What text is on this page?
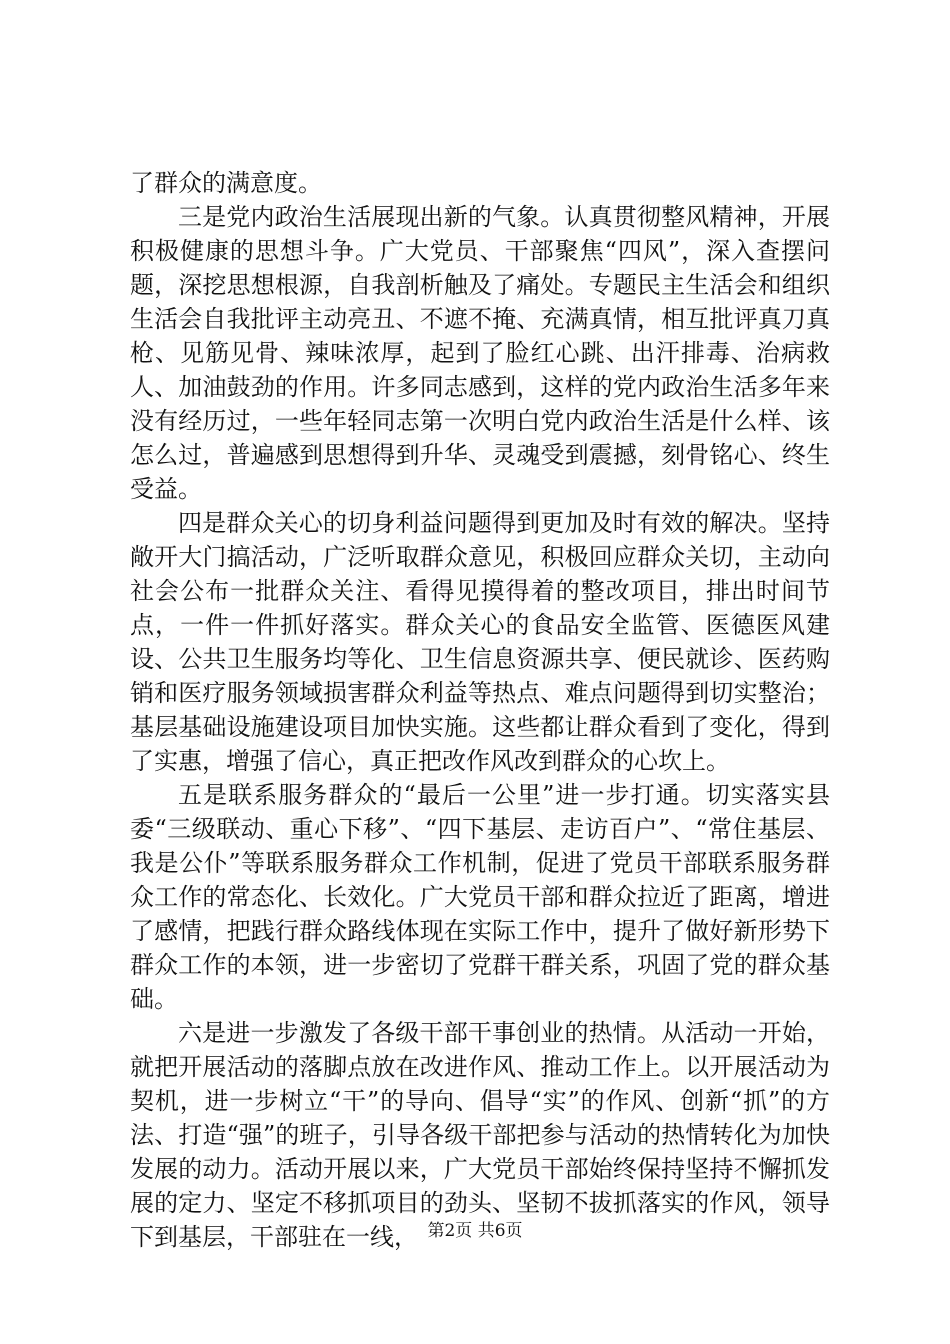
了群众的满意度。

三是党内政治生活展现出新的气象。认真贯彻整风精神，开展积极健康的思想斗争。广大党员、干部聚焦“四风”，深入查摆问题，深挖思想根源，自我剖析触及了痛处。专题民主生活会和组织生活会自我批评主动亮丑、不遮不掩、充满真情，相互批评真刀真枪、见筋见骨、辣味浓厚，起到了脸红心跳、出汗排毒、治病救人、加油鼓劲的作用。许多同志感到，这样的党内政治生活多年来没有经历过，一些年轻同志第一次明白党内政治生活是什么样、该怎么过，普遍感到思想得到升华、灵魂受到震撼，刻骨铭心、终生受益。

四是群众关心的切身利益问题得到更加及时有效的解决。坚持敞开大门搞活动，广泛听取群众意见，积极回应群众关切，主动向社会公布一批群众关注、看得见摸得着的整改项目，排出时间节点，一件一件抓好落实。群众关心的食品安全监管、医德医风建设、公共卫生服务均等化、卫生信息资源共享、便民就诊、医药购销和医疗服务领域损害群众利益等热点、难点问题得到切实整治；基层基础设施建设项目加快实施。这些都让群众看到了变化，得到了实惠，增强了信心，真正把改作风改到群众的心坎上。

五是联系服务群众的“最后一公里”进一步打通。切实落实县委“三级联动、重心下移”、“四下基层、走访百户”、“常住基层、我是公仆”等联系服务群众工作机制，促进了党员干部联系服务群众工作的常态化、长效化。广大党员干部和群众拉近了距离，增进了感情，把践行群众路线体现在实际工作中，提升了做好新形势下群众工作的本领，进一步密切了党群干群关系，巩固了党的群众基础。

六是进一步激发了各级干部干事创业的热情。从活动一开始，就把开展活动的落脚点放在改进作风、推动工作上。以开展活动为契机，进一步树立“干”的导向、倡导“实”的作风、创新“抓”的方法、打造“强”的班子，引导各级干部把参与活动的热情转化为加快发展的动力。活动开展以来，广大党员干部始终保持坚持不懈抓发展的定力、坚定不移抓项目的劲头、坚韧不拔抓落实的作风，领导下到基层，干部驻在一线， 第2页 共6页
